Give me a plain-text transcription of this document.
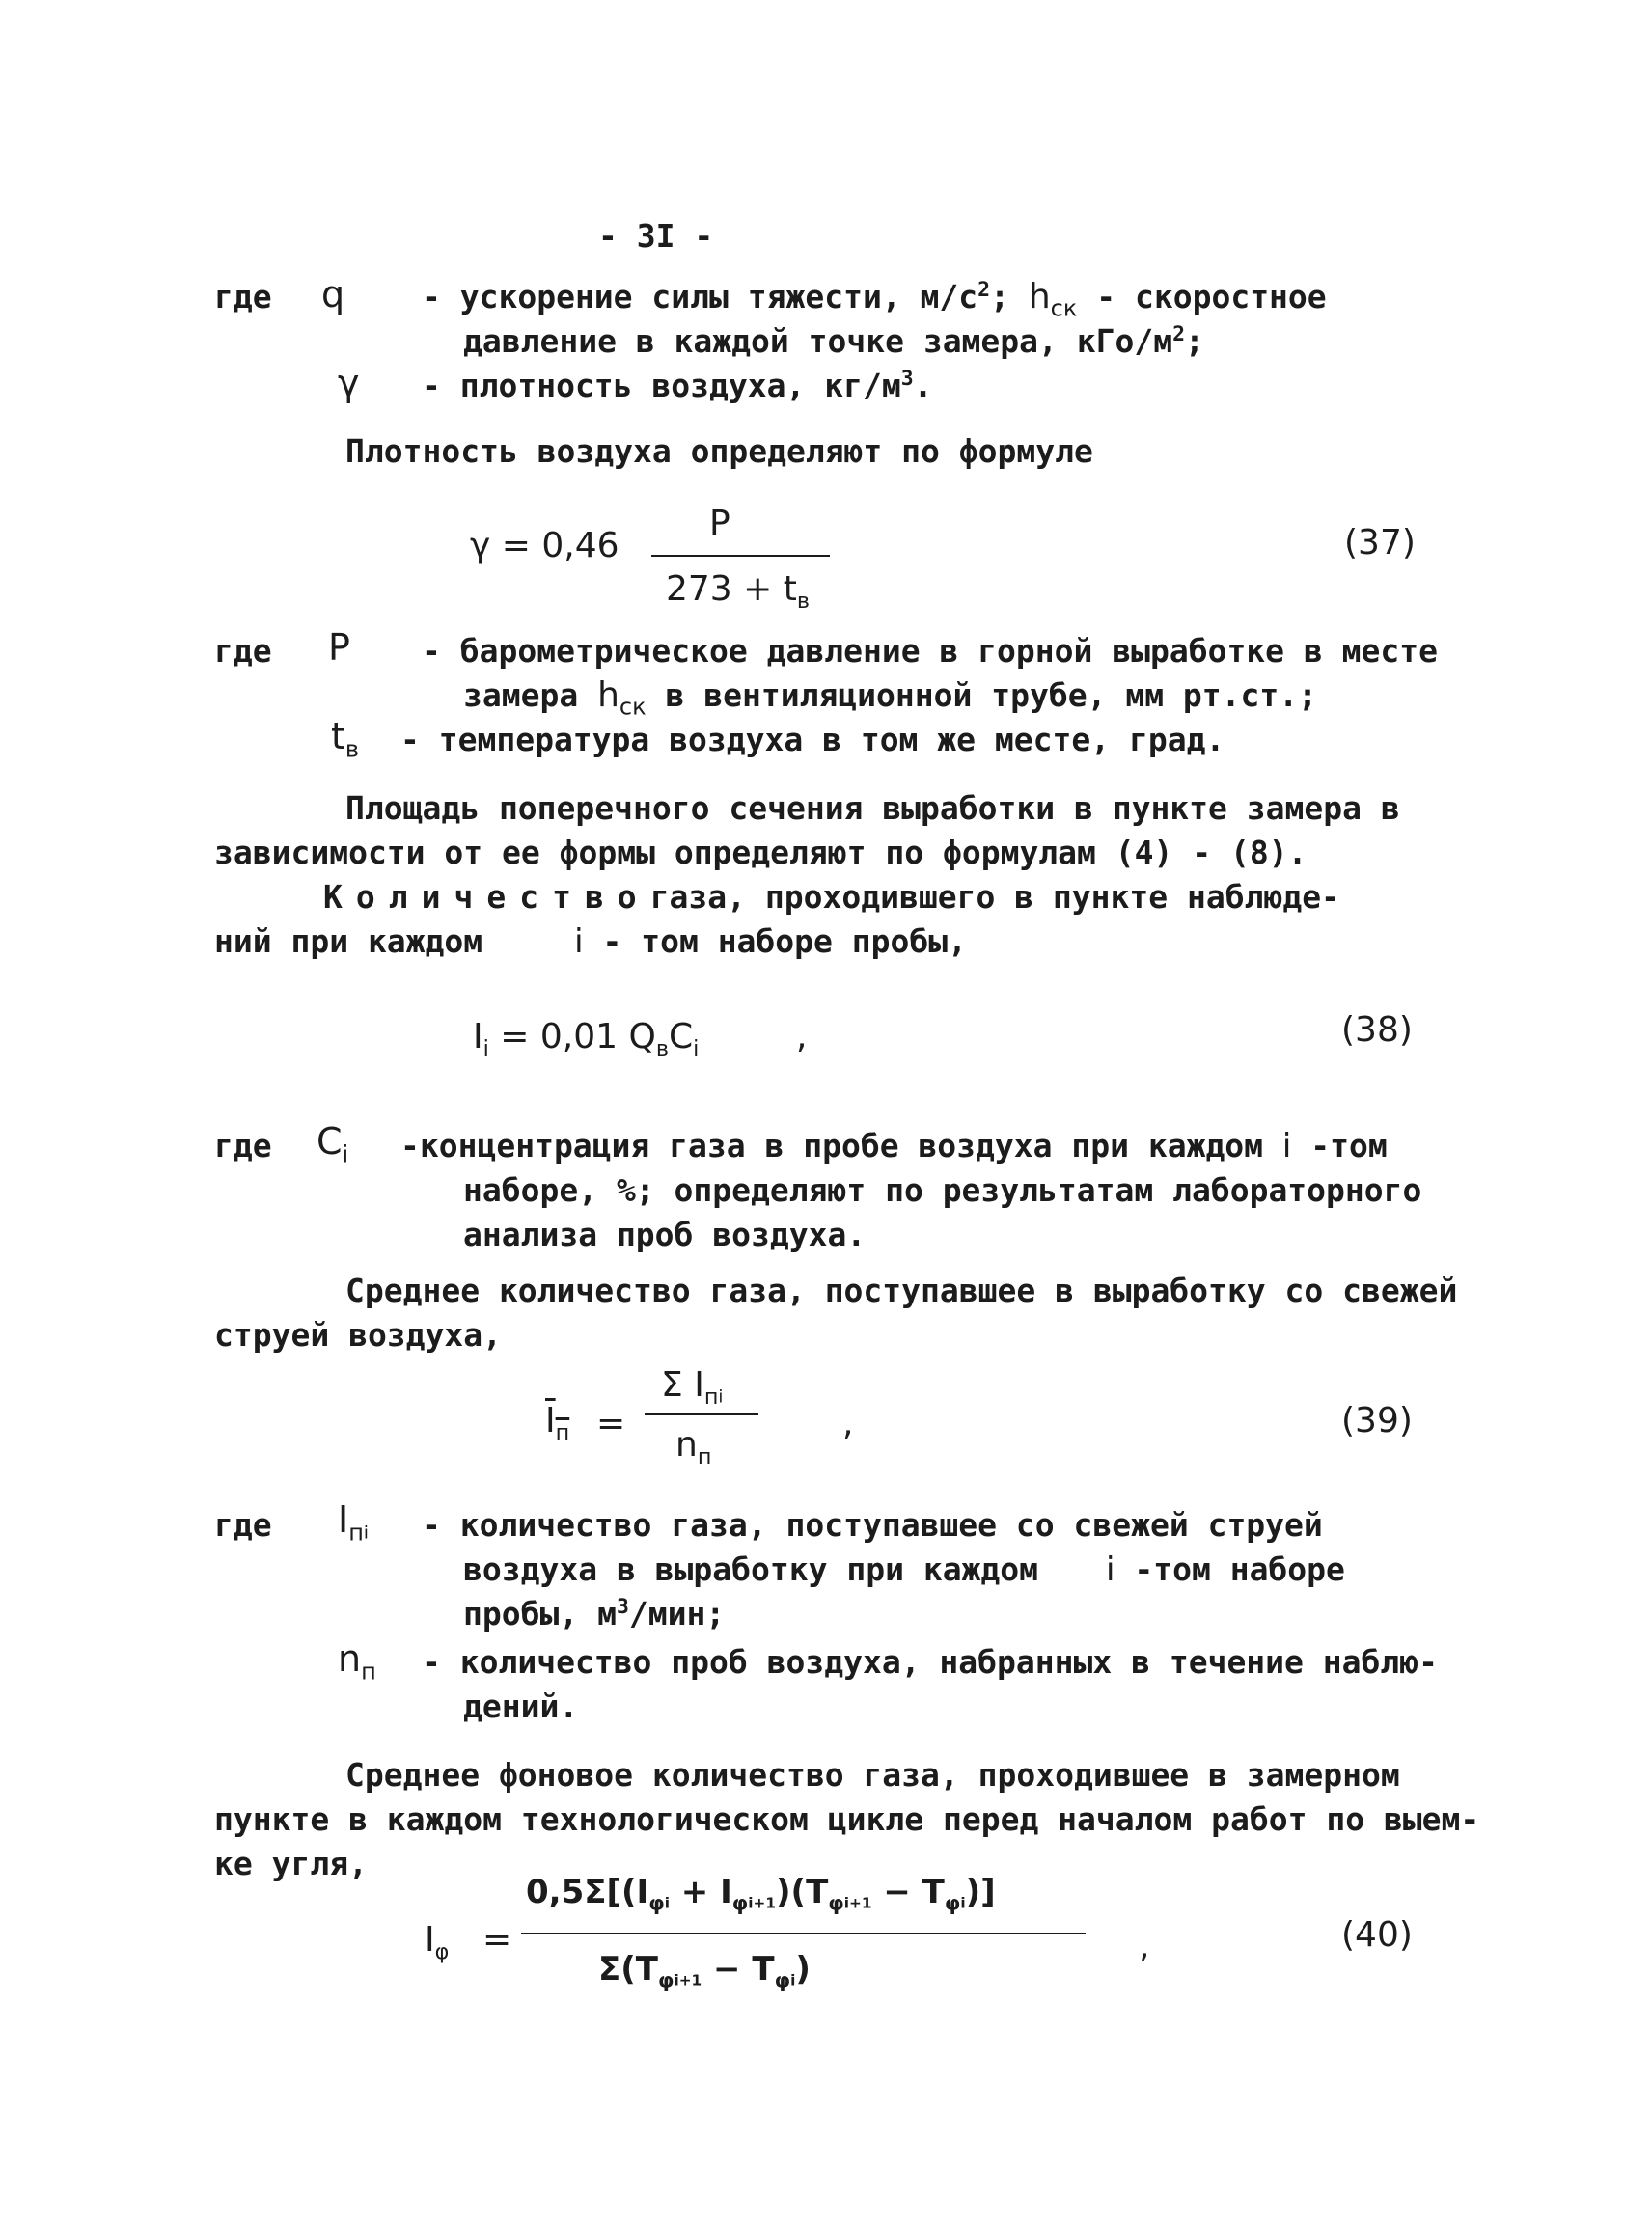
- 3I -
где q - ускорение силы тяжести, $м/с^2$; $h_{ск}$ - скоростное
давление в каждой точке замера, кГо/$м^2$;
γ - плотность воздуха, $кг/м^3$.
Плотность воздуха определяют по формуле
γ = 0,46
P
$273 + t_в$
(37)
где P - барометрическое давление в горной выработке в месте
замера $h_{ск}$ в вентиляционной трубе, мм рт.ст.;
$t_в$ - температура воздуха в том же месте, град.
Площадь поперечного сечения выработки в пункте замера в
зависимости от ее формы определяют по формулам (4) - (8).
Количествогаза, проходившего в пункте наблюде-
ний при каждом	i - том наборе пробы,
$I_i = 0,01$ $Q_вC_i$	,	(38)
где $C_i$ -концентрация газа в пробе воздуха при каждом i -том
наборе, %; определяют по результатам лабораторного
анализа проб воздуха.
Среднее количество газа, поступавшее в выработку со свежей
струей воздуха,
$I_п$ =
Σ $I_{пi}$
$n_п$
,	(39)
где $I_{пi}$ - количество газа, поступавшее со свежей струей
воздуха в выработку при каждом i -том наборе
пробы, $м^3$/мин;
$n_п$ - количество проб воздуха, набранных в течение наблю-
дений.
Среднее фоновое количество газа, проходившее в замерном
пункте в каждом технологическом цикле перед началом работ по выем-
ке угля,
$I_\varphi$ =
$0,5\Sigma[(I_{\varphi i} + I_{\varphi i+1})(T_{\varphi i+1} - T_{\varphi i})]$
$\Sigma(T_{\varphi i+1} - T_{\varphi i})$
,	(40)
